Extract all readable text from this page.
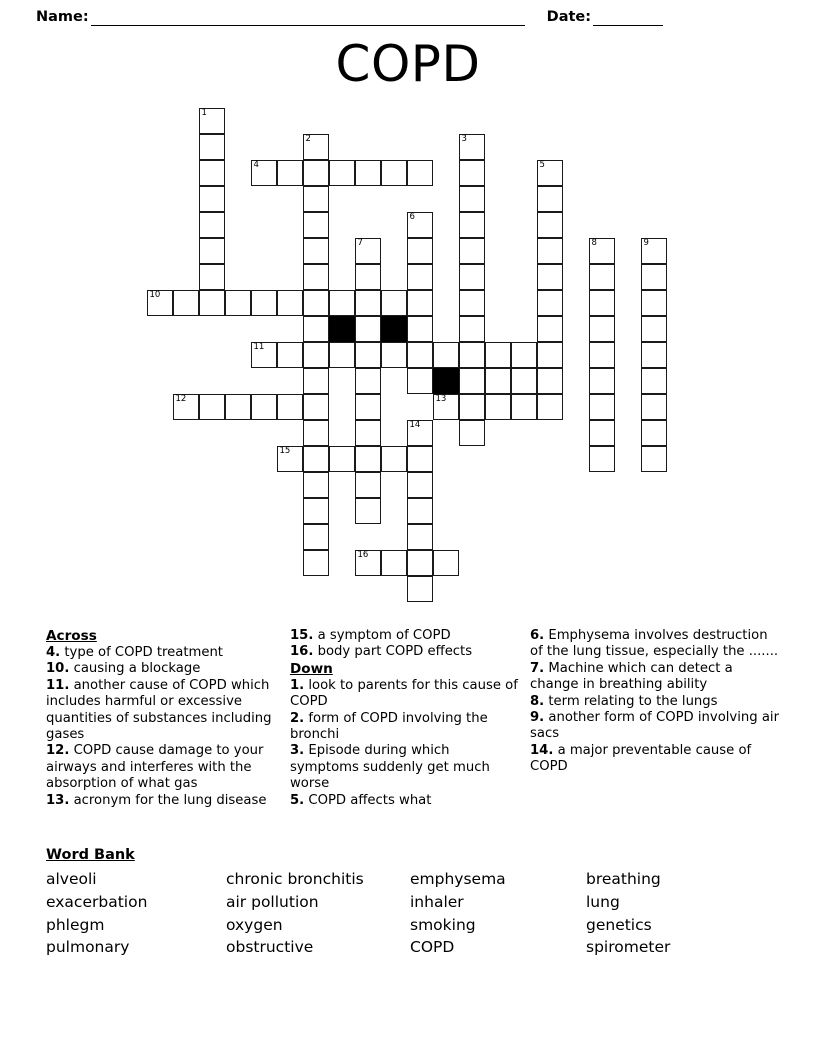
Name:	Date:
COPD
1
2	3
4	5
6
7	8	9
10
11
12	13
14
15
16
Across
4. type of COPD treatment
10. causing a blockage
11. another cause of COPD which includes harmful or excessive quantities of substances including gases
12. COPD cause damage to your airways and interferes with the absorption of what gas
13. acronym for the lung disease
15. a symptom of COPD
16. body part COPD effects
Down
1. look to parents for this cause of COPD
2. form of COPD involving the bronchi
3. Episode during which symptoms suddenly get much worse
5. COPD affects what
6. Emphysema involves destruction of the lung tissue, especially the .......
7. Machine which can detect a change in breathing ability
8. term relating to the lungs
9. another form of COPD involving air sacs
14. a major preventable cause of COPD
Word Bank
alveoli	chronic bronchitis	emphysema	breathing
exacerbation	air pollution	inhaler	lung
phlegm	oxygen	smoking	genetics
pulmonary	obstructive	COPD	spirometer
